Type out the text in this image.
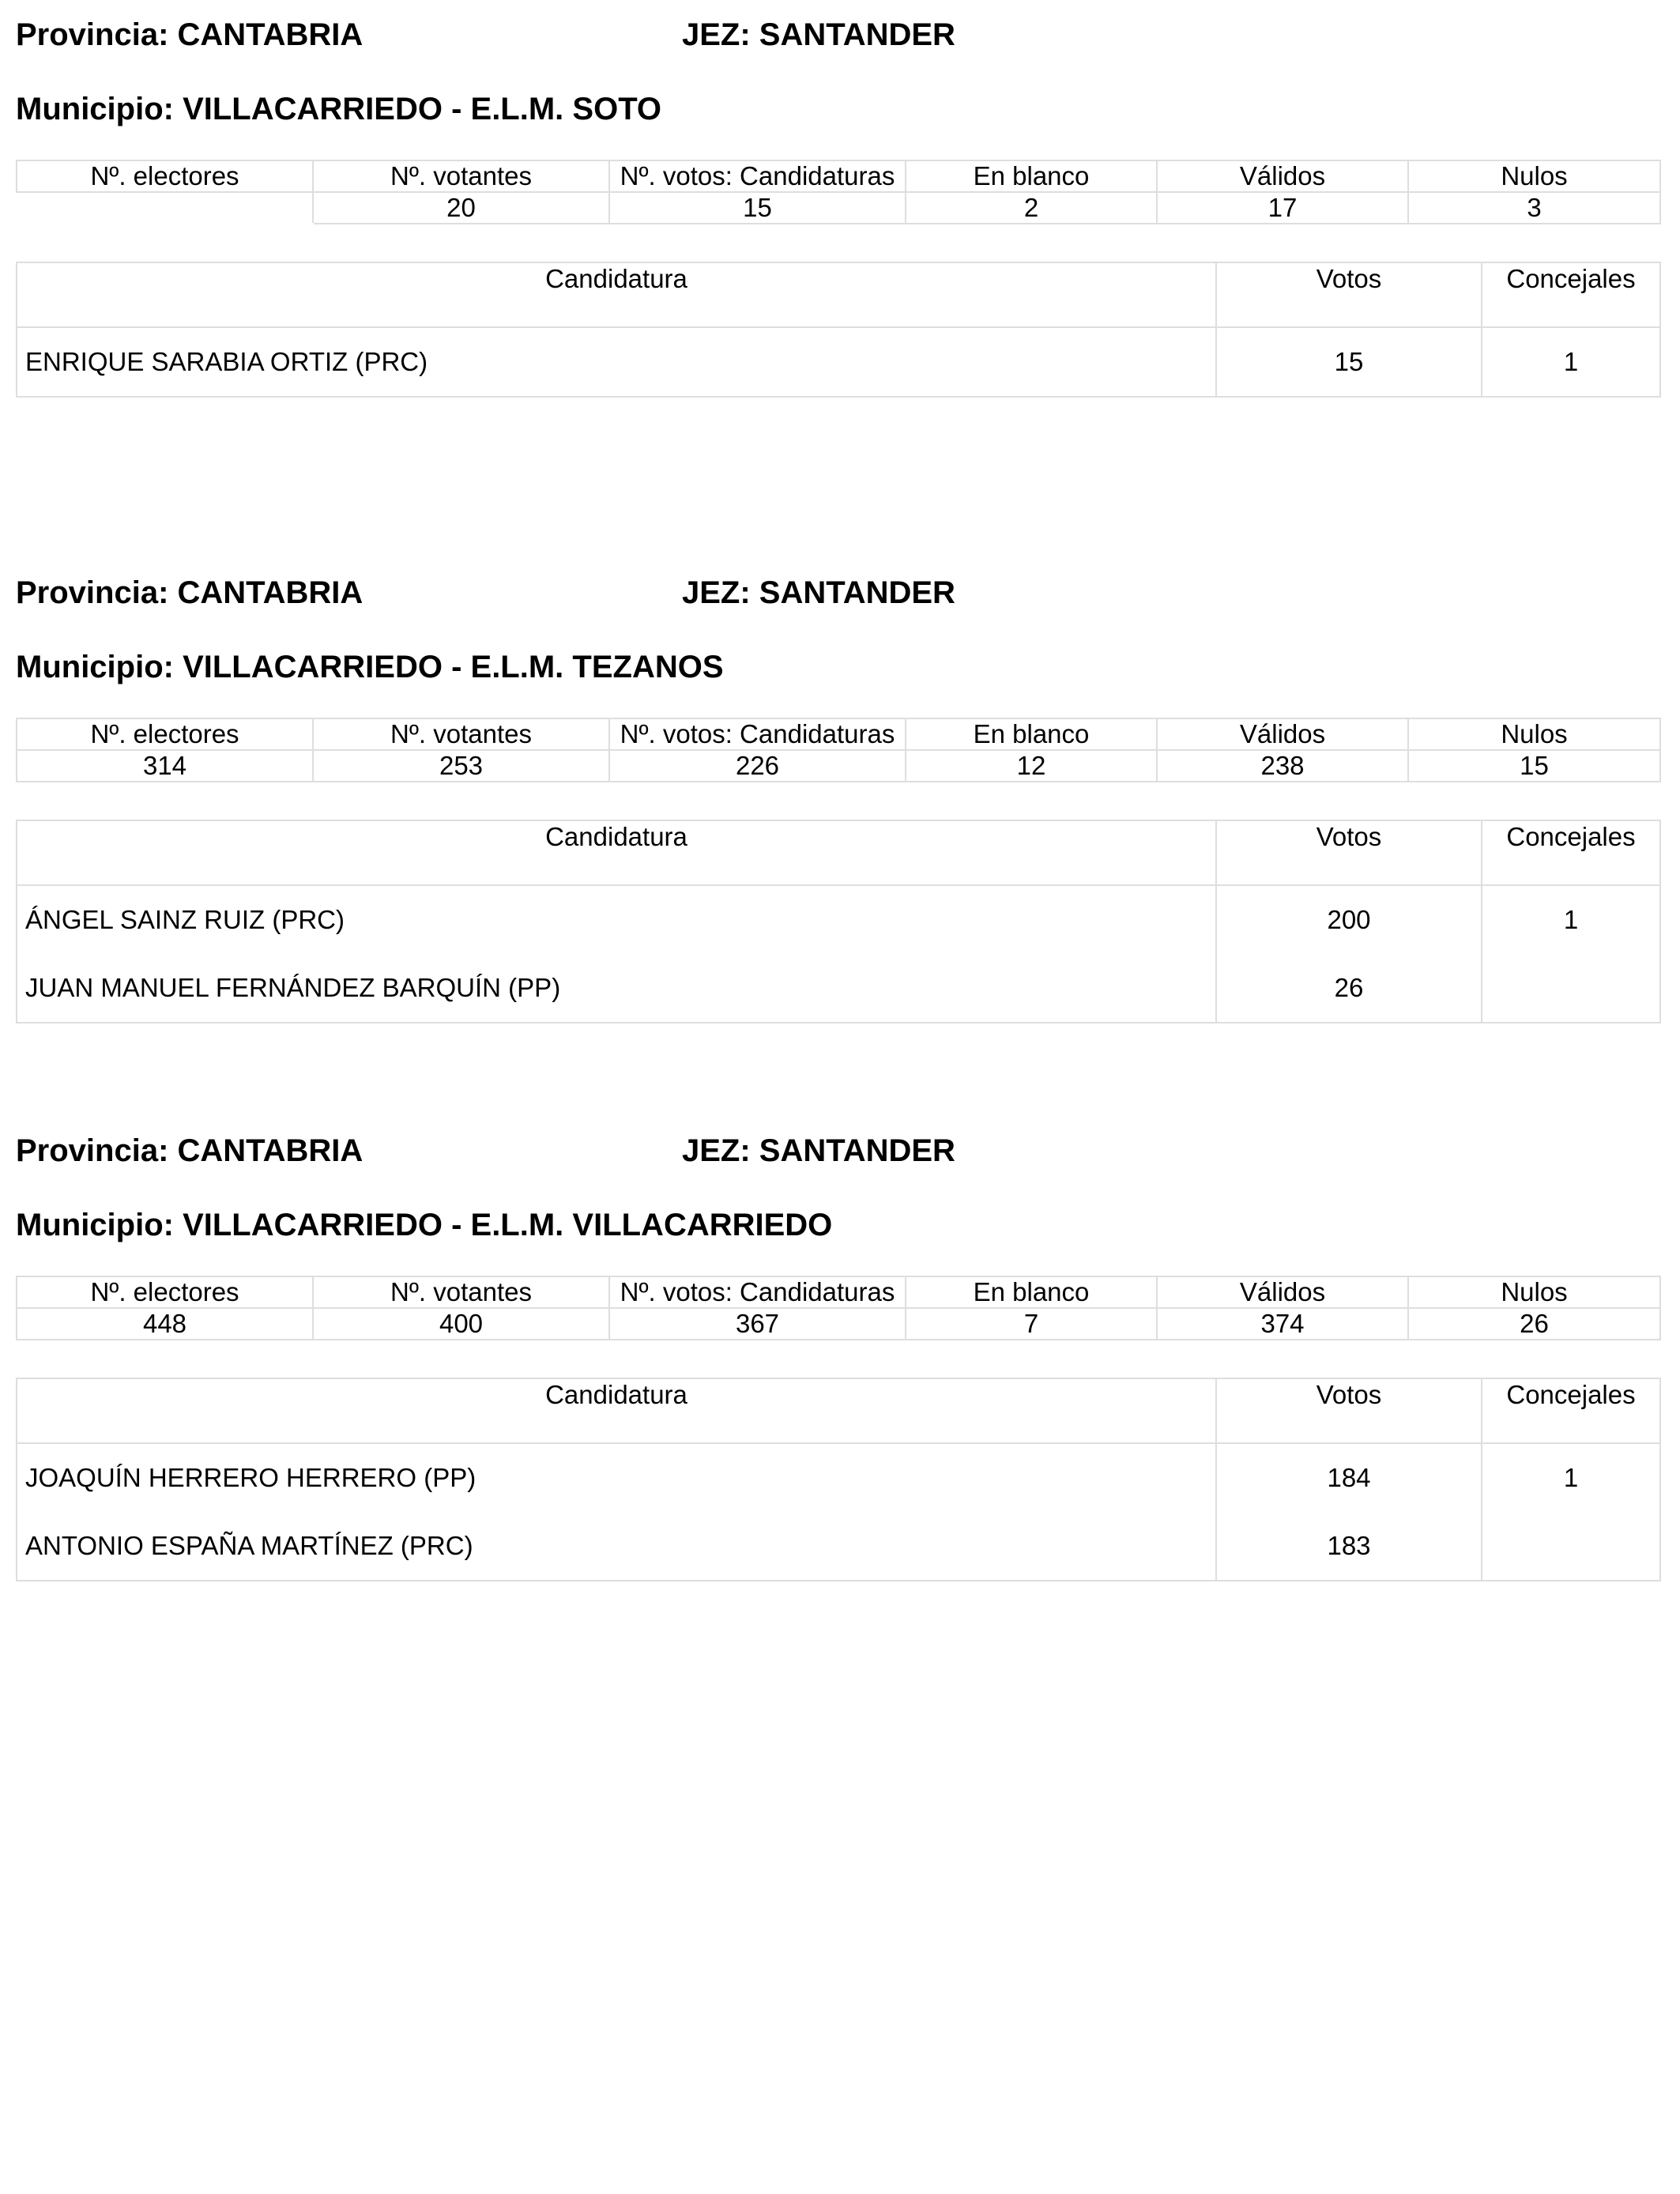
Provincia: CANTABRIA	JEZ: SANTANDER
Municipio: VILLACARRIEDO - E.L.M. SOTO
Nº. electores	Nº. votantes	Nº. votos: Candidaturas	En blanco	Válidos	Nulos
	20	15	2	17	3
Candidatura	Votos	Concejales
ENRIQUE SARABIA ORTIZ (PRC)	15	1
Provincia: CANTABRIA	JEZ: SANTANDER
Municipio: VILLACARRIEDO - E.L.M. TEZANOS
Nº. electores	Nº. votantes	Nº. votos: Candidaturas	En blanco	Válidos	Nulos
314	253	226	12	238	15
Candidatura	Votos	Concejales
ÁNGEL SAINZ RUIZ (PRC)	200	1
JUAN MANUEL FERNÁNDEZ BARQUÍN (PP)	26	
Provincia: CANTABRIA	JEZ: SANTANDER
Municipio: VILLACARRIEDO - E.L.M. VILLACARRIEDO
Nº. electores	Nº. votantes	Nº. votos: Candidaturas	En blanco	Válidos	Nulos
448	400	367	7	374	26
Candidatura	Votos	Concejales
JOAQUÍN HERRERO HERRERO (PP)	184	1
ANTONIO ESPAÑA MARTÍNEZ (PRC)	183	
